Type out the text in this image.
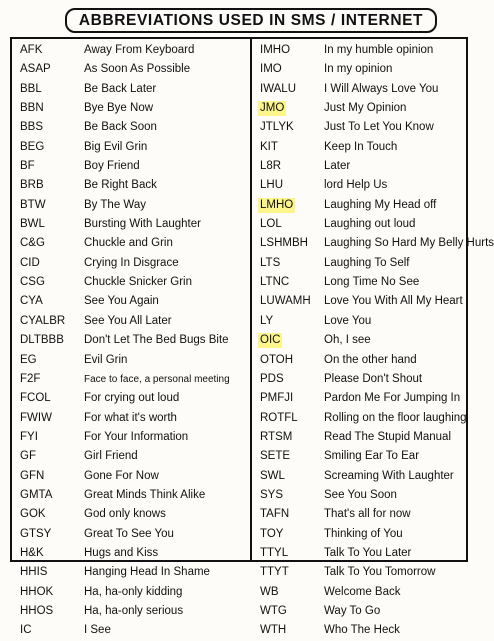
ABBREVIATIONS USED IN SMS / INTERNET
AFK	Away From Keyboard
ASAP	As Soon As Possible
BBL	Be Back Later
BBN	Bye Bye Now
BBS	Be Back Soon
BEG	Big Evil Grin
BF	Boy Friend
BRB	Be Right Back
BTW	By The Way
BWL	Bursting With Laughter
C&G	Chuckle and Grin
CID	Crying In Disgrace
CSG	Chuckle Snicker Grin
CYA	See You Again
CYALBR See You All Later
DLTBBB Don't Let The Bed Bugs Bite
EG	Evil Grin
F2F	Face to face, a personal meeting
FCOL	For crying out loud
FWIW	For what it's worth
FYI	For Your Information
GF	Girl Friend
GFN	Gone For Now
GMTA	Great Minds Think Alike
GOK	God only knows
GTSY	Great To See You
H&K	Hugs and Kiss
HHIS	Hanging Head In Shame
HHOK	Ha, ha-only kidding
HHOS	Ha, ha-only serious
IC	I See
IMHO	In my humble opinion
IMO	In my opinion
IWALU I Will Always Love You
JMO	Just My Opinion
JTLYK	Just To Let You Know
KIT	Keep In Touch
L8R	Later
LHU	lord Help Us
LMHO	Laughing My Head off
LOL	Laughing out loud
LSHMBH Laughing So Hard My Belly Hurts
LTS	Laughing To Self
LTNC	Long Time No See
LUWAMH Love You With All My Heart
LY	Love You
OIC	Oh, I see
OTOH	On the other hand
PDS	Please Don't Shout
PMFJI	Pardon Me For Jumping In
ROTFL Rolling on the floor laughing
RTSM	Read The Stupid Manual
SETE	Smiling Ear To Ear
SWL	Screaming With Laughter
SYS	See You Soon
TAFN	That's all for now
TOY	Thinking of You
TTYL	Talk To You Later
TTYT	Talk To You Tomorrow
WB	Welcome Back
WTG	Way To Go
WTH	Who The Heck
